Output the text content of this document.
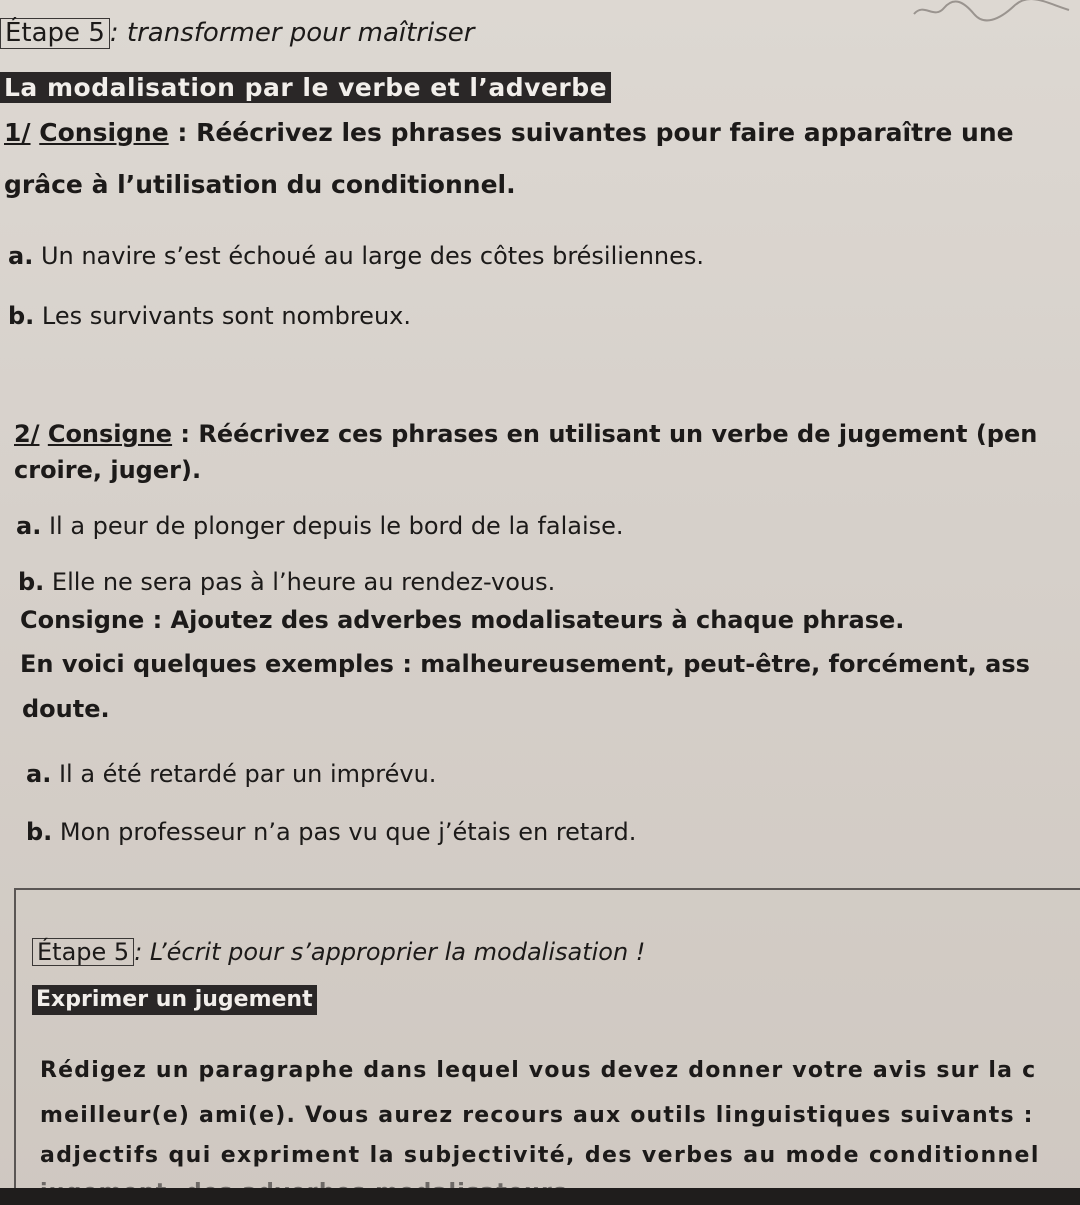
Étape 5 : transformer pour maîtriser
La modalisation par le verbe et l’adverbe
1/ Consigne : Réécrivez les phrases suivantes pour faire apparaître une
grâce à l’utilisation du conditionnel.
a. Un navire s’est échoué au large des côtes brésiliennes.
b. Les survivants sont nombreux.
2/ Consigne : Réécrivez ces phrases en utilisant un verbe de jugement (pen
croire, juger).
a. Il a peur de plonger depuis le bord de la falaise.
b. Elle ne sera pas à l’heure au rendez-vous.
Consigne : Ajoutez des adverbes modalisateurs à chaque phrase.
En voici quelques exemples : malheureusement, peut-être, forcément, ass
doute.
a. Il a été retardé par un imprévu.
b. Mon professeur n’a pas vu que j’étais en retard.
Étape 5 : L’écrit pour s’approprier la modalisation !
Exprimer un jugement
Rédigez un paragraphe dans lequel vous devez donner votre avis sur la c
meilleur(e) ami(e). Vous aurez recours aux outils linguistiques suivants :
adjectifs qui expriment la subjectivité, des verbes au mode conditionnel
